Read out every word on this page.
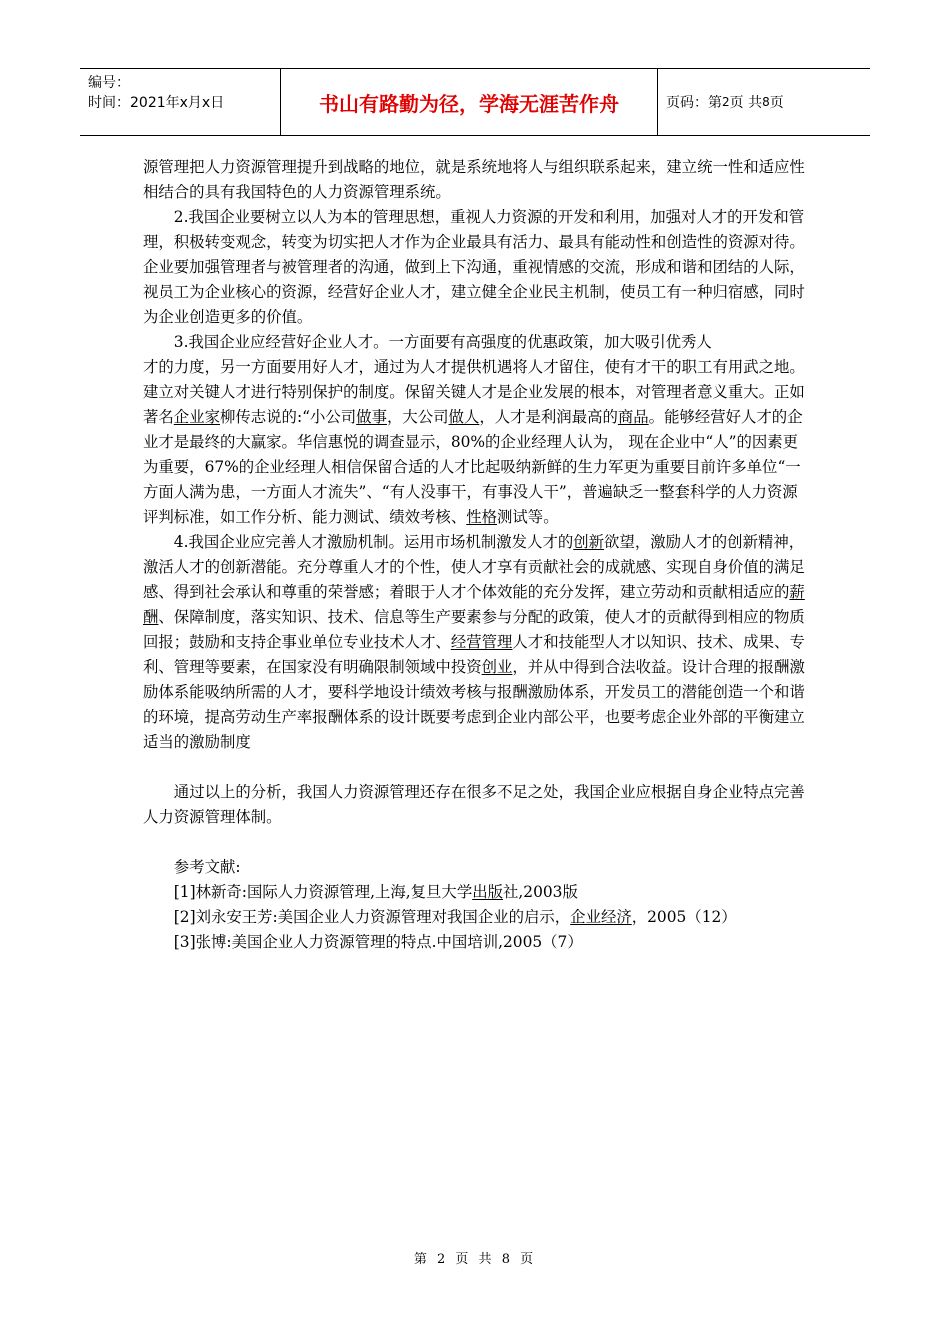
编号：
时间：2021年x月x日	书山有路勤为径，学海无涯苦作舟	页码：第 2 页 共 8 页

源管理把人力资源管理提升到战略的地位，就是系统地将人与组织联系起来，建立统一性和适应性相结合的具有我国特色的人力资源管理系统。

2.我国企业要树立以人为本的管理思想，重视人力资源的开发和利用，加强对人才的开发和管理，积极转变观念，转变为切实把人才作为企业最具有活力、最具有能动性和创造性的资源对待。企业要加强管理者与被管理者的沟通，做到上下沟通，重视情感的交流，形成和谐和团结的人际，视员工为企业核心的资源，经营好企业人才，建立健全企业民主机制，使员工有一种归宿感，同时为企业创造更多的价值。

3.我国企业应经营好企业人才。一方面要有高强度的优惠政策，加大吸引优秀人

才的力度，另一方面要用好人才，通过为人才提供机遇将人才留住，使有才干的职工有用武之地。建立对关键人才进行特别保护的制度。保留关键人才是企业发展的根本，对管理者意义重大。正如著名企业家柳传志说的:“小公司做事，大公司做人，人才是利润最高的商品。能够经营好人才的企业才是最终的大赢家。华信惠悦的调查显示，80%的企业经理人认为， 现在企业中“人”的因素更为重要，67%的企业经理人相信保留合适的人才比起吸纳新鲜的生力军更为重要目前许多单位“一方面人满为患，一方面人才流失”、“有人没事干，有事没人干”，普遍缺乏一整套科学的人力资源评判标准，如工作分析、能力测试、绩效考核、性格测试等。

4.我国企业应完善人才激励机制。运用市场机制激发人才的创新欲望，激励人才的创新精神，激活人才的创新潜能。充分尊重人才的个性，使人才享有贡献社会的成就感、实现自身价值的满足感、得到社会承认和尊重的荣誉感；着眼于人才个体效能的充分发挥，建立劳动和贡献相适应的薪酬、保障制度，落实知识、技术、信息等生产要素参与分配的政策，使人才的贡献得到相应的物质回报；鼓励和支持企事业单位专业技术人才、经营管理人才和技能型人才以知识、技术、成果、专利、管理等要素，在国家没有明确限制领域中投资创业，并从中得到合法收益。设计合理的报酬激励体系能吸纳所需的人才，要科学地设计绩效考核与报酬激励体系，开发员工的潜能创造一个和谐的环境，提高劳动生产率报酬体系的设计既要考虑到企业内部公平，也要考虑企业外部的平衡建立适当的激励制度

通过以上的分析，我国人力资源管理还存在很多不足之处，我国企业应根据自身企业特点完善人力资源管理体制。

参考文献:

[1]林新奇:国际人力资源管理,上海,复旦大学出版社,2003版

[2]刘永安王芳:美国企业人力资源管理对我国企业的启示，企业经济，2005（12）

[3]张博:美国企业人力资源管理的特点.中国培训,2005（7）

第 2 页 共 8 页
